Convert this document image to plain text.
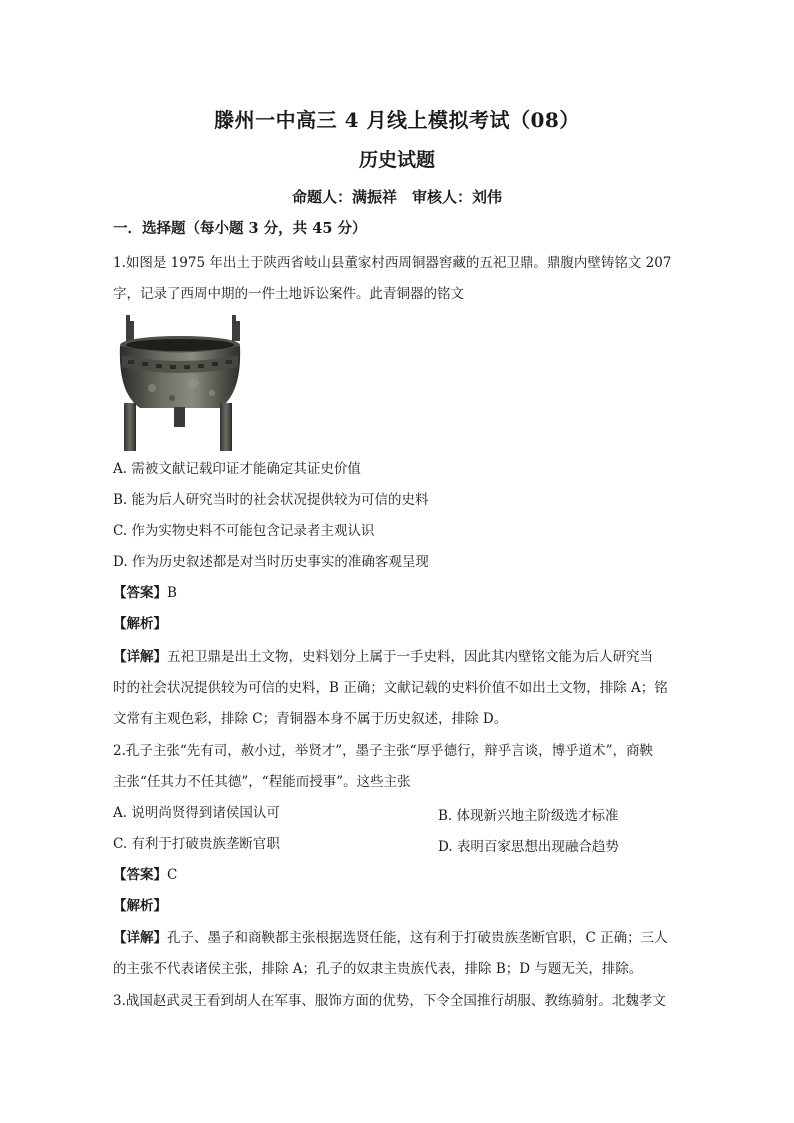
滕州一中高三 4 月线上模拟考试（08）
历史试题
命题人：满振祥　审核人：刘伟
一．选择题（每小题 3 分，共 45 分）
1.如图是 1975 年出土于陕西省岐山县董家村西周铜器窖藏的五祀卫鼎。鼎腹内壁铸铭文 207
字，记录了西周中期的一件土地诉讼案件。此青铜器的铭文
A. 需被文献记载印证才能确定其证史价值
B. 能为后人研究当时的社会状况提供较为可信的史料
C. 作为实物史料不可能包含记录者主观认识
D. 作为历史叙述都是对当时历史事实的准确客观呈现
【答案】B
【解析】
【详解】五祀卫鼎是出土文物，史料划分上属于一手史料，因此其内壁铭文能为后人研究当
时的社会状况提供较为可信的史料，B 正确；文献记载的史料价值不如出土文物，排除 A；铭
文常有主观色彩，排除 C；青铜器本身不属于历史叙述，排除 D。
2.孔子主张“先有司，赦小过，举贤才”，墨子主张“厚乎德行，辩乎言谈，博乎道术”，商鞅
主张“任其力不任其德”，“程能而授事”。这些主张
A. 说明尚贤得到诸侯国认可	B. 体现新兴地主阶级选才标准
C. 有利于打破贵族垄断官职	D. 表明百家思想出现融合趋势
【答案】C
【解析】
【详解】孔子、墨子和商鞅都主张根据选贤任能，这有利于打破贵族垄断官职，C 正确；三人
的主张不代表诸侯主张，排除 A；孔子的奴隶主贵族代表，排除 B；D 与题无关，排除。
3.战国赵武灵王看到胡人在军事、服饰方面的优势，下令全国推行胡服、教练骑射。北魏孝文
